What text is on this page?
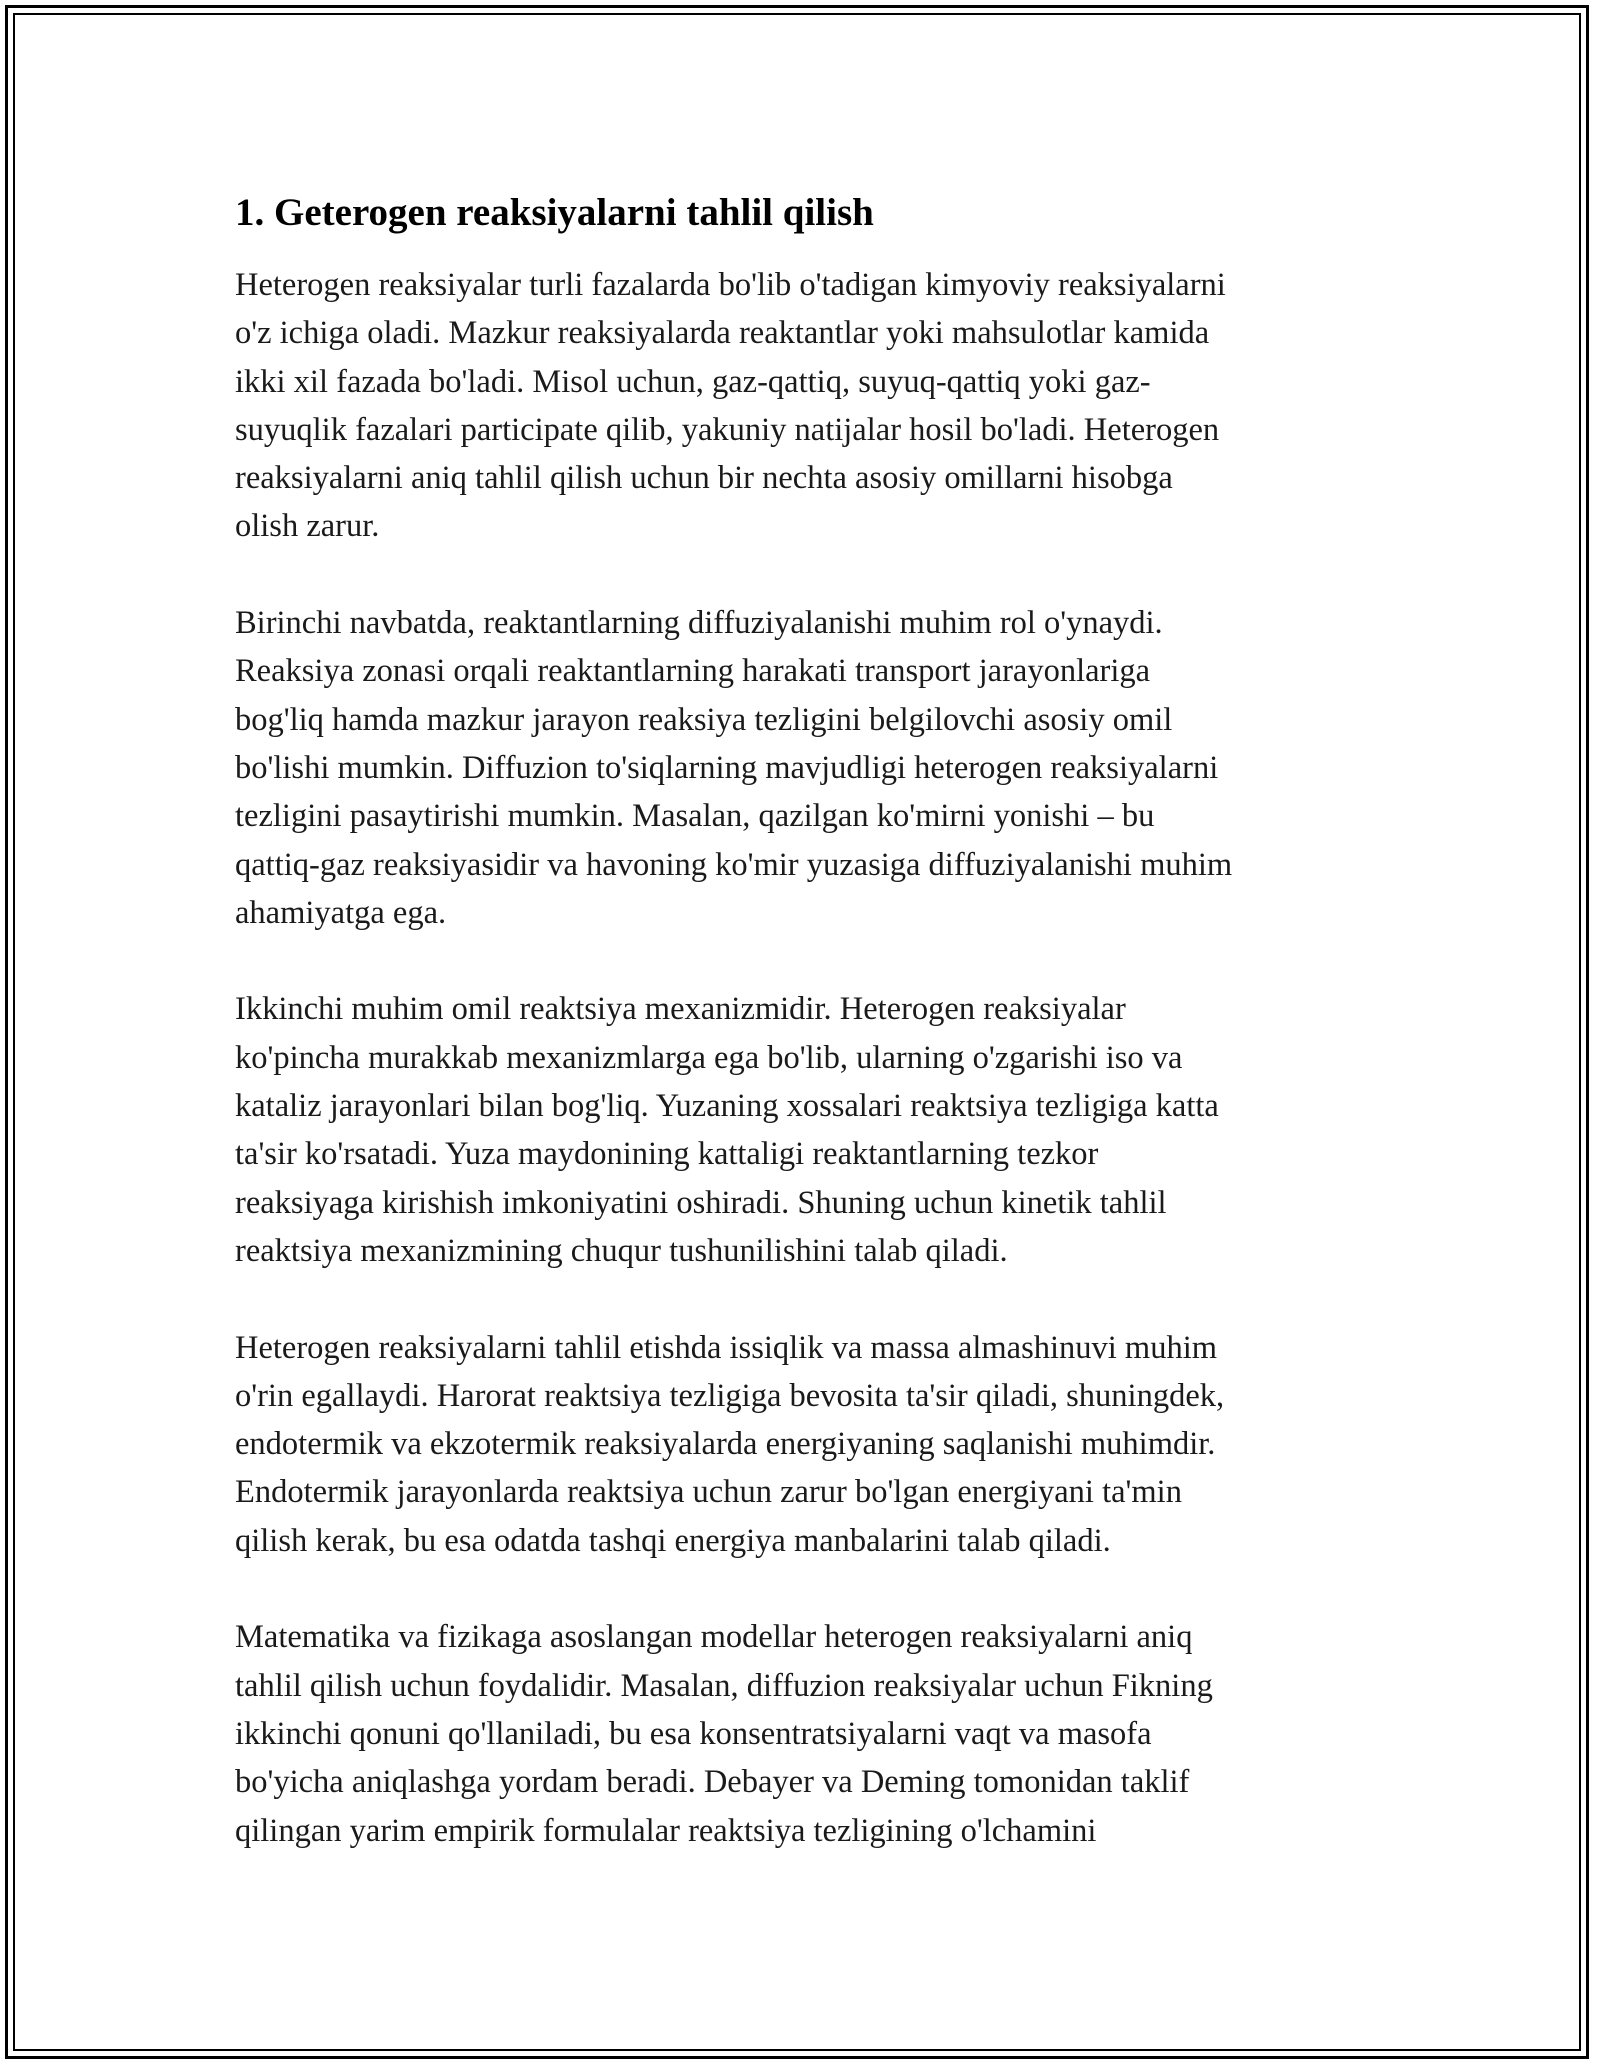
1. Geterogen reaksiyalarni tahlil qilish
Heterogen reaksiyalar turli fazalarda bo'lib o'tadigan kimyoviy reaksiyalarni
o'z ichiga oladi. Mazkur reaksiyalarda reaktantlar yoki mahsulotlar kamida
ikki xil fazada bo'ladi. Misol uchun, gaz-qattiq, suyuq-qattiq yoki gaz-
suyuqlik fazalari participate qilib, yakuniy natijalar hosil bo'ladi. Heterogen
reaksiyalarni aniq tahlil qilish uchun bir nechta asosiy omillarni hisobga
olish zarur.
Birinchi navbatda, reaktantlarning diffuziyalanishi muhim rol o'ynaydi.
Reaksiya zonasi orqali reaktantlarning harakati transport jarayonlariga
bog'liq hamda mazkur jarayon reaksiya tezligini belgilovchi asosiy omil
bo'lishi mumkin. Diffuzion to'siqlarning mavjudligi heterogen reaksiyalarni
tezligini pasaytirishi mumkin. Masalan, qazilgan ko'mirni yonishi – bu
qattiq-gaz reaksiyasidir va havoning ko'mir yuzasiga diffuziyalanishi muhim
ahamiyatga ega.
Ikkinchi muhim omil reaktsiya mexanizmidir. Heterogen reaksiyalar
ko'pincha murakkab mexanizmlarga ega bo'lib, ularning o'zgarishi iso va
kataliz jarayonlari bilan bog'liq. Yuzaning xossalari reaktsiya tezligiga katta
ta'sir ko'rsatadi. Yuza maydonining kattaligi reaktantlarning tezkor
reaksiyaga kirishish imkoniyatini oshiradi. Shuning uchun kinetik tahlil
reaktsiya mexanizmining chuqur tushunilishini talab qiladi.
Heterogen reaksiyalarni tahlil etishda issiqlik va massa almashinuvi muhim
o'rin egallaydi. Harorat reaktsiya tezligiga bevosita ta'sir qiladi, shuningdek,
endotermik va ekzotermik reaksiyalarda energiyaning saqlanishi muhimdir.
Endotermik jarayonlarda reaktsiya uchun zarur bo'lgan energiyani ta'min
qilish kerak, bu esa odatda tashqi energiya manbalarini talab qiladi.
Matematika va fizikaga asoslangan modellar heterogen reaksiyalarni aniq
tahlil qilish uchun foydalidir. Masalan, diffuzion reaksiyalar uchun Fikning
ikkinchi qonuni qo'llaniladi, bu esa konsentratsiyalarni vaqt va masofa
bo'yicha aniqlashga yordam beradi. Debayer va Deming tomonidan taklif
qilingan yarim empirik formulalar reaktsiya tezligining o'lchamini
